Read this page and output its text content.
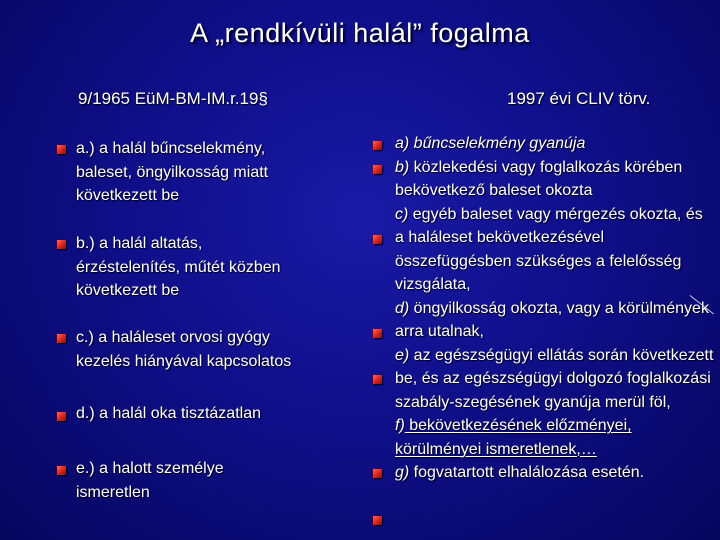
A „rendkívüli halál” fogalma
9/1965 EüM-BM-IM.r.19§	1997 évi CLIV törv.
a.) a halál bűncselekmény,
baleset, öngyilkosság miatt
következett be
b.) a halál altatás,
érzéstelenítés, műtét közben
következett be
c.) a haláleset orvosi gyógy
kezelés hiányával kapcsolatos
d.) a halál oka tisztázatlan
e.) a halott személye
ismeretlen

a) bűncselekmény gyanúja

b) közlekedési vagy foglalkozás körében bekövetkező baleset okozta

c) egyéb baleset vagy mérgezés okozta, és a haláleset bekövetkezésével összefüggésben szükséges a felelősség vizsgálata,

d) öngyilkosság okozta, vagy a körülmények arra utalnak,

e) az egészségügyi ellátás során következett be, és az egészségügyi dolgozó foglalkozási szabály-szegésének gyanúja merül föl,

f) bekövetkezésének előzményei, körülményei ismeretlenek,…

g) fogvatartott elhalálozása esetén.
